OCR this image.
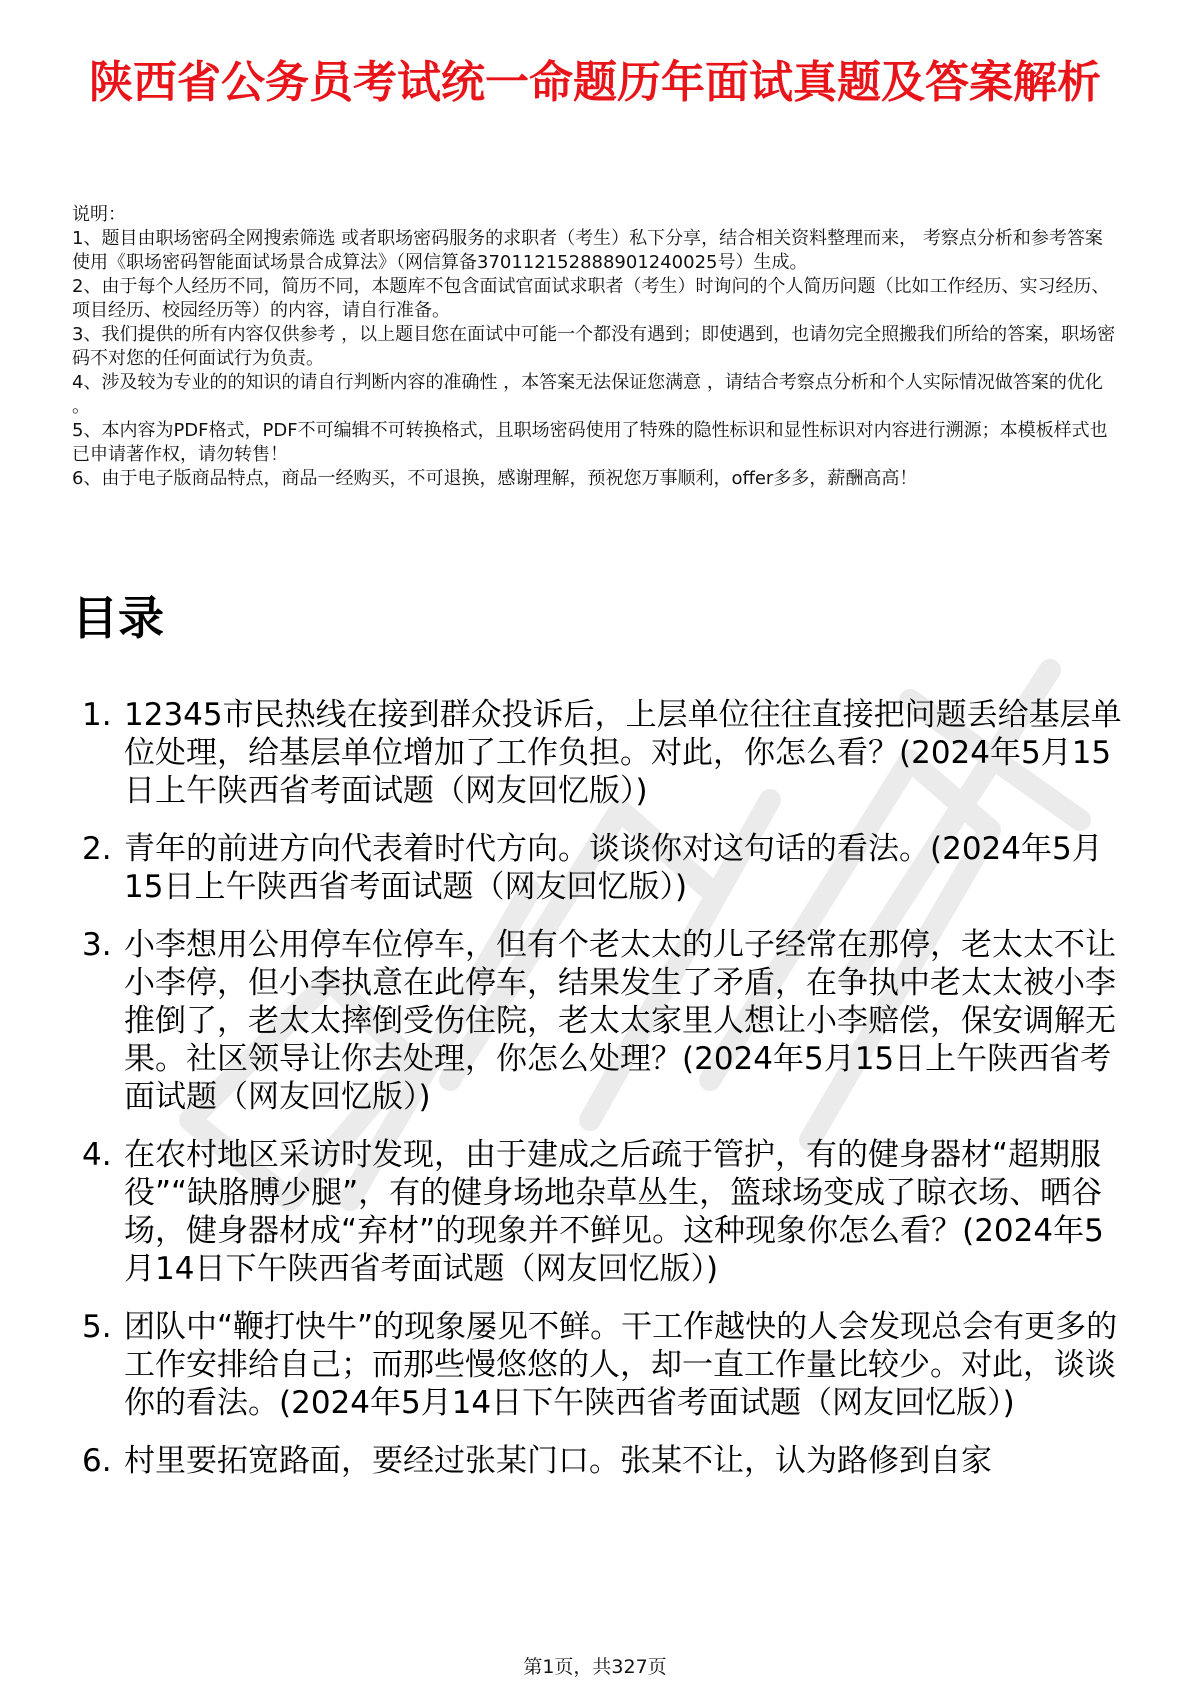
陕西省公务员考试统一命题历年面试真题及答案解析

说明：

1、题目由职场密码全网搜索筛选 或者职场密码服务的求职者（考生）私下分享，结合相关资料整理而来， 考察点分析和参考答案使用《职场密码智能面试场景合成算法》（网信算备370112152888901240025号）生成。

2、由于每个人经历不同，简历不同，本题库不包含面试官面试求职者（考生）时询问的个人简历问题（比如工作经历、实习经历、项目经历、校园经历等）的内容，请自行准备。

3、我们提供的所有内容仅供参考 ，以上题目您在面试中可能一个都没有遇到；即使遇到，也请勿完全照搬我们所给的答案，职场密码不对您的任何面试行为负责。

4、涉及较为专业的的知识的请自行判断内容的准确性 ，本答案无法保证您满意 ，请结合考察点分析和个人实际情况做答案的优化 。

5、本内容为PDF格式，PDF不可编辑不可转换格式，且职场密码使用了特殊的隐性标识和显性标识对内容进行溯源；本模板样式也已申请著作权，请勿转售！

6、由于电子版商品特点，商品一经购买，不可退换，感谢理解，预祝您万事顺利，offer多多，薪酬高高！

目录
1. 12345市民热线在接到群众投诉后，上层单位往往直接把问题丢给基层单位处理，给基层单位增加了工作负担。对此，你怎么看？(2024年5月15日上午陕西省考面试题（网友回忆版）)
2. 青年的前进方向代表着时代方向。谈谈你对这句话的看法。(2024年5月15日上午陕西省考面试题（网友回忆版）)
3. 小李想用公用停车位停车，但有个老太太的儿子经常在那停，老太太不让小李停，但小李执意在此停车，结果发生了矛盾，在争执中老太太被小李推倒了，老太太摔倒受伤住院，老太太家里人想让小李赔偿，保安调解无果。社区领导让你去处理，你怎么处理？(2024年5月15日上午陕西省考面试题（网友回忆版）)
4. 在农村地区采访时发现，由于建成之后疏于管护，有的健身器材“超期服役”“缺胳膊少腿”，有的健身场地杂草丛生，篮球场变成了晾衣场、晒谷场，健身器材成“弃材”的现象并不鲜见。这种现象你怎么看？(2024年5月14日下午陕西省考面试题（网友回忆版）)
5. 团队中“鞭打快牛”的现象屡见不鲜。干工作越快的人会发现总会有更多的工作安排给自己；而那些慢悠悠的人，却一直工作量比较少。对此，谈谈你的看法。(2024年5月14日下午陕西省考面试题（网友回忆版）)
6. 村里要拓宽路面，要经过张某门口。张某不让，认为路修到自家
第1页，共327页
